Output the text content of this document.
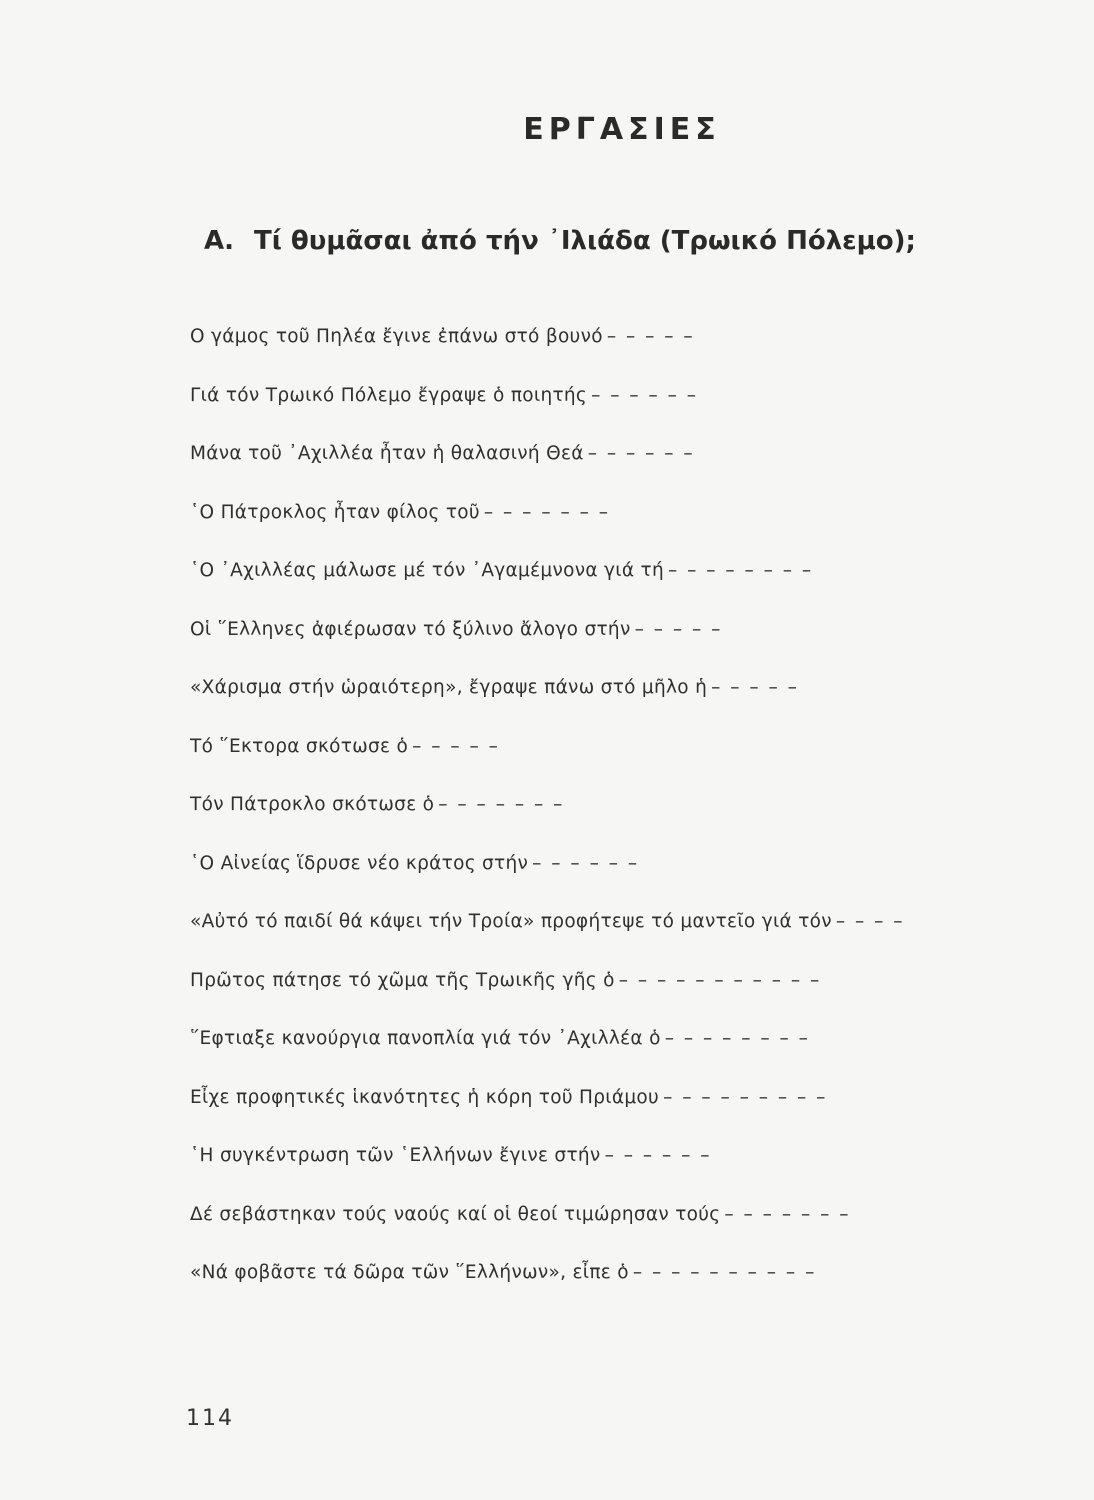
ΕΡΓΑΣΙΕΣ
Α. Τί θυμᾶσαι ἀπό τήν ᾿Ιλιάδα (Τρωικό Πόλεμο);
Ο γάμος τοῦ Πηλέα ἔγινε ἐπάνω στό βουνό – – – – –
Γιά τόν Τρωικό Πόλεμο ἔγραψε ὁ ποιητής – – – – – –
Μάνα τοῦ ᾿Αχιλλέα ἦταν ἡ θαλασινή Θεά – – – – – –
῾Ο Πάτροκλος ἦταν φίλος τοῦ – – – – – – –
῾Ο ᾿Αχιλλέας μάλωσε μέ τόν ᾿Αγαμέμνονα γιά τή – – – – – – – –
Οἱ ῞Ελληνες ἀφιέρωσαν τό ξύλινο ἄλογο στήν – – – – –
«Χάρισμα στήν ὡραιότερη», ἔγραψε πάνω στό μῆλο ἡ – – – – –
Τό ῞Εκτορα σκότωσε ὁ – – – – –
Τόν Πάτροκλο σκότωσε ὁ – – – – – – –
῾Ο Αἰνείας ἵδρυσε νέο κράτος στήν – – – – – –
«Αὐτό τό παιδί θά κάψει τήν Τροία» προφήτεψε τό μαντεῖο γιά τόν – – – –
Πρῶτος πάτησε τό χῶμα τῆς Τρωικῆς γῆς ὁ – – – – – – – – – – –
῞Εφτιαξε κανούργια πανοπλία γιά τόν ᾿Αχιλλέα ὁ – – – – – – – –
Εἶχε προφητικές ἱκανότητες ἡ κόρη τοῦ Πριάμου – – – – – – – – –
῾Η συγκέντρωση τῶν ῾Ελλήνων ἔγινε στήν – – – – – –
Δέ σεβάστηκαν τούς ναούς καί οἱ θεοί τιμώρησαν τούς – – – – – – –
«Νά φοβᾶστε τά δῶρα τῶν ῞Ελλήνων», εἶπε ὁ – – – – – – – – – –
114
